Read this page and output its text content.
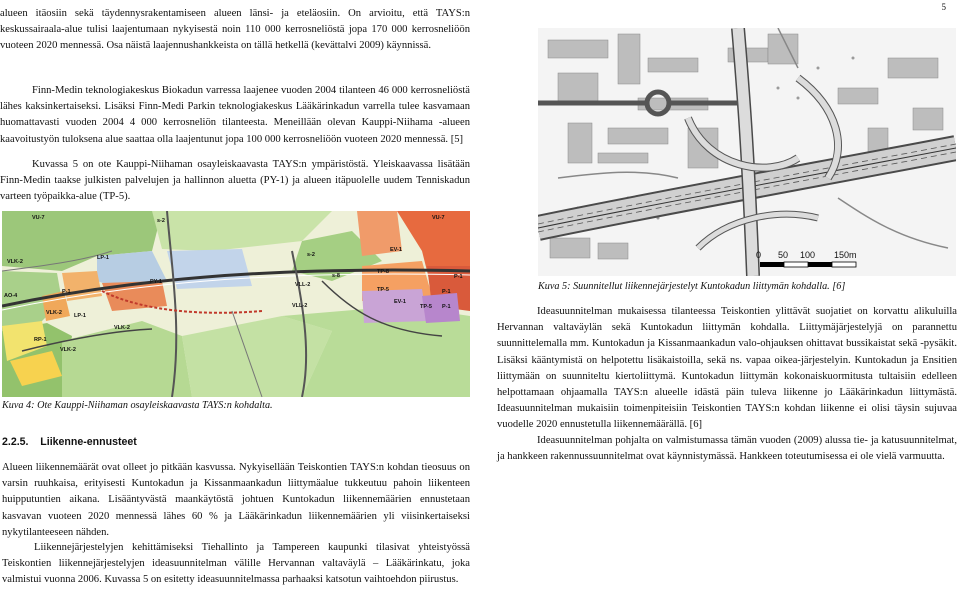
5

alueen itäosiin sekä täydennysrakentamiseen alueen länsi- ja eteläosiin. On arvioitu, että TAYS:n keskussairaala-alue tulisi laajentumaan nykyisestä noin 110 000 kerrosneliöstä jopa 170 000 kerrosneliöön vuoteen 2020 mennessä. Osa näistä laajennushankkeista on tällä hetkellä (kevättalvi 2009) käynnissä.

Finn-Medin teknologiakeskus Biokadun varressa laajenee vuoden 2004 tilanteen 46 000 kerrosneliöstä lähes kaksinkertaiseksi. Lisäksi Finn-Medi Parkin teknologiakeskus Lääkärinkadun varrella tulee kasvamaan huomattavasti vuoden 2004 4 000 kerrosneliön tilanteesta. Meneillään olevan Kauppi-Niihama -alueen kaavoitustyön tuloksena alue saattaa olla laajentunut jopa 100 000 kerrosneliöön vuoteen 2020 mennessä. [5]

Kuvassa 5 on ote Kauppi-Niihaman osayleiskaavasta TAYS:n ympäristöstä. Yleiskaavassa lisätään Finn-Medin taakse julkisten palvelujen ja hallinnon aluetta (PY-1) ja alueen itäpuolelle uudem Tenniskadun varteen työpaikka-alue (TP-5).

VU-7	s-2	VU-7
EV-1
LP-1
VLK-2
P-1
PY-1
s-2
s-8
TP-8
P-1
VLL-2
TP-5	P-1
AO-4
P-1
EV-1
TP-5
VLL-2
LP-1
VLK-2
VLK-2
RP-1
VLK-2
Kuva 4: Ote Kauppi-Niihaman osayleiskaavasta TAYS:n kohdalta.
2.2.5.    Liikenne-ennusteet

Alueen liikennemäärät ovat olleet jo pitkään kasvussa. Nykyisellään Teiskontien TAYS:n kohdan tieosuus on varsin ruuhkaisa, erityisesti Kuntokadun ja Kissanmaankadun liittymäalue tukkeutuu pahoin liikenteen huipputuntien aikana. Lisääntyvästä maankäytöstä johtuen Kuntokadun liikennemäärien ennustetaan kasvavan vuoteen 2020 mennessä lähes 60 % ja Lääkärinkadun liikennemäärien yli viisinkertaiseksi nykytilanteeseen nähden.

Liikennejärjestelyjen kehittämiseksi Tiehallinto ja Tampereen kaupunki tilasivat yhteistyössä Teiskontien liikennejärjestelyjen ideasuunnitelman välille Hervannan valtaväylä – Lääkärinkatu, joka valmistui vuonna 2006. Kuvassa 5 on esitetty ideasuunnitelmassa parhaaksi katsotun vaihtoehdon piirustus.

0 50 100 150m
Kuva 5: Suunnitellut liikennejärjestelyt Kuntokadun liittymän kohdalla. [6]

Ideasuunnitelman mukaisessa tilanteessa Teiskontien ylittävät suojatiet on korvattu alikuluilla Hervannan valtaväylän sekä Kuntokadun liittymän kohdalla. Liittymäjärjestelyjä on parannettu suunnittelemalla mm. Kuntokadun ja Kissanmaankadun valo-ohjauksen ohittavat bussikaistat sekä -pysäkit. Lisäksi kääntymistä on helpotettu lisäkaistoilla, sekä ns. vapaa oikea-järjestelyin. Kuntokadun ja Ensitien liittymään on suunniteltu kiertoliittymä. Kuntokadun liittymän kokonaiskuormitusta tultaisiin edelleen helpottamaan ohjaamalla TAYS:n alueelle idästä päin tuleva liikenne jo Lääkärinkadun liittymästä. Ideasuunnitelman mukaisiin toimenpiteisiin Teiskontien TAYS:n kohdan liikenne ei olisi täysin sujuvaa vuodelle 2020 ennustetulla liikennemäärällä. [6]

Ideasuunnitelman pohjalta on valmistumassa tämän vuoden (2009) alussa tie- ja katusuunnitelmat, ja hankkeen rakennussuunnitelmat ovat käynnistymässä. Hankkeen toteutumisessa ei ole vielä varmuutta.
